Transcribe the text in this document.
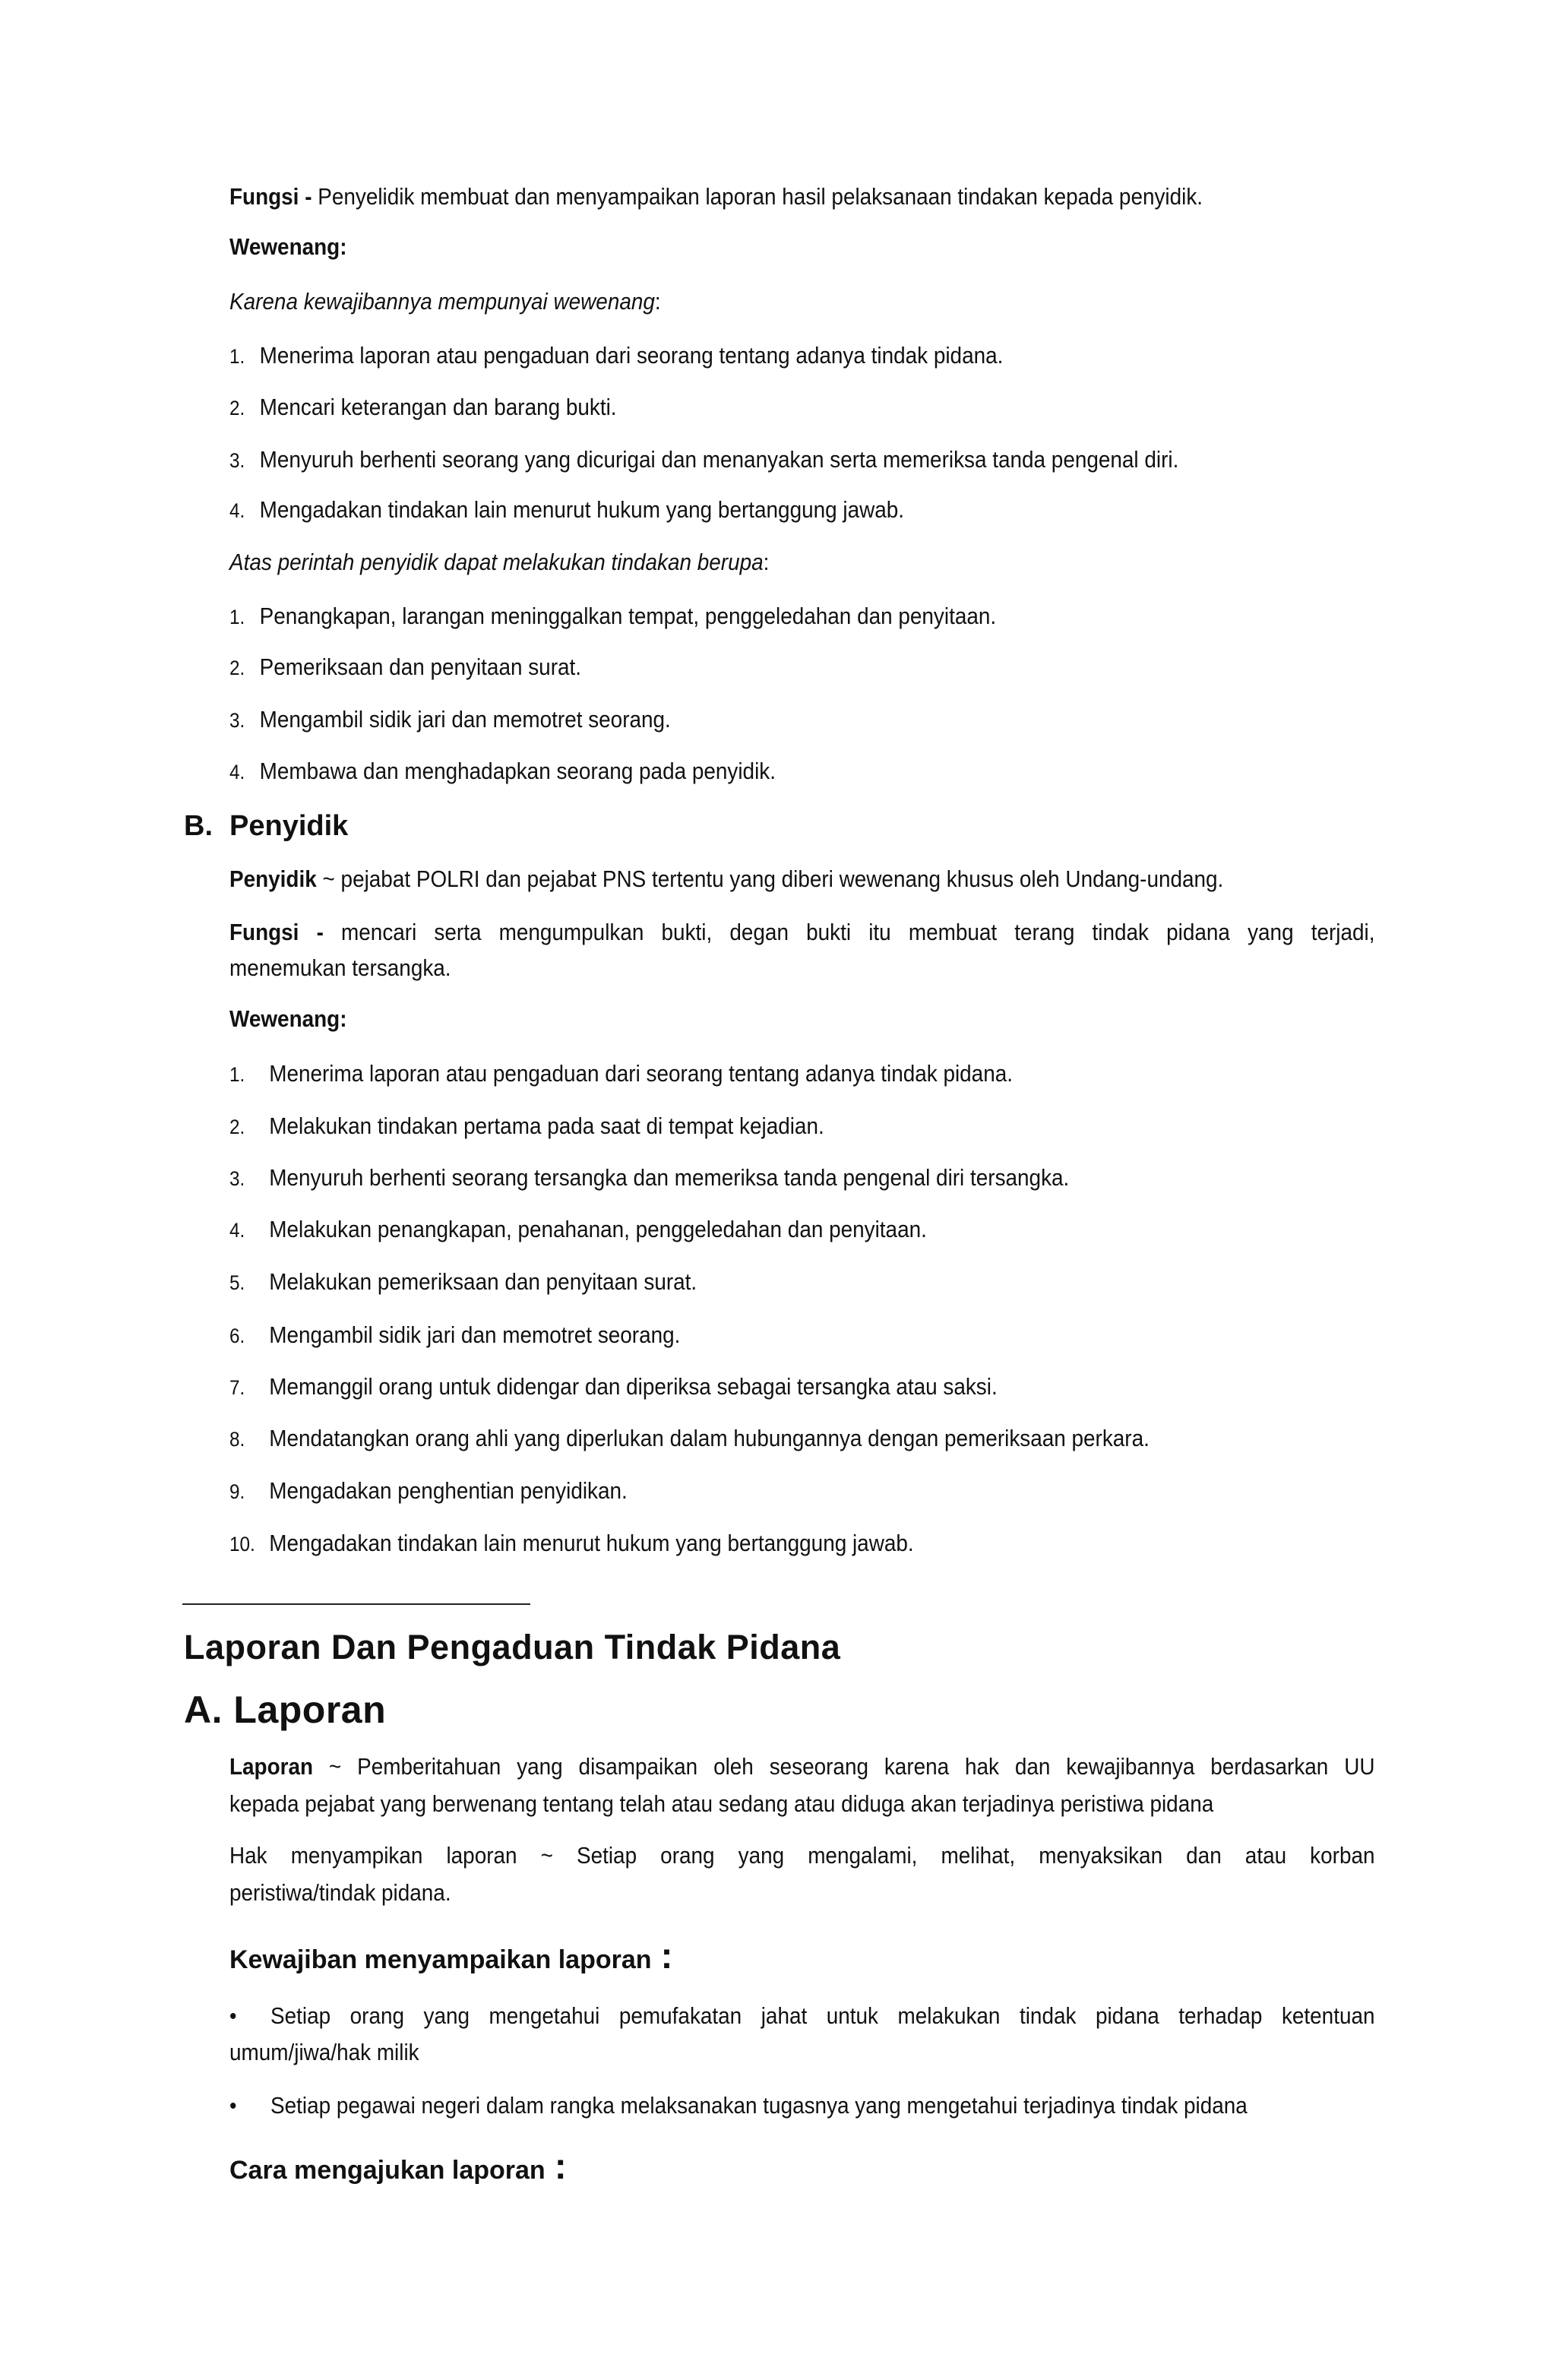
Fungsi - Penyelidik membuat dan menyampaikan laporan hasil pelaksanaan tindakan kepada penyidik.
Wewenang:
Karena kewajibannya mempunyai wewenang:
1. Menerima laporan atau pengaduan dari seorang tentang adanya tindak pidana.
2. Mencari keterangan dan barang bukti.
3. Menyuruh berhenti seorang yang dicurigai dan menanyakan serta memeriksa tanda pengenal diri.
4. Mengadakan tindakan lain menurut hukum yang bertanggung jawab.
Atas perintah penyidik dapat melakukan tindakan berupa:
1. Penangkapan, larangan meninggalkan tempat, penggeledahan dan penyitaan.
2. Pemeriksaan dan penyitaan surat.
3. Mengambil sidik jari dan memotret seorang.
4. Membawa dan menghadapkan seorang pada penyidik.
B. Penyidik
Penyidik ~ pejabat POLRI dan pejabat PNS tertentu yang diberi wewenang khusus oleh Undang-undang.
Fungsi - mencari serta mengumpulkan bukti, degan bukti itu membuat terang tindak pidana yang terjadi,
menemukan tersangka.
Wewenang:
1. Menerima laporan atau pengaduan dari seorang tentang adanya tindak pidana.
2. Melakukan tindakan pertama pada saat di tempat kejadian.
3. Menyuruh berhenti seorang tersangka dan memeriksa tanda pengenal diri tersangka.
4. Melakukan penangkapan, penahanan, penggeledahan dan penyitaan.
5. Melakukan pemeriksaan dan penyitaan surat.
6. Mengambil sidik jari dan memotret seorang.
7. Memanggil orang untuk didengar dan diperiksa sebagai tersangka atau saksi.
8. Mendatangkan orang ahli yang diperlukan dalam hubungannya dengan pemeriksaan perkara.
9. Mengadakan penghentian penyidikan.
10. Mengadakan tindakan lain menurut hukum yang bertanggung jawab.
Laporan Dan Pengaduan Tindak Pidana
A. Laporan
Laporan ~ Pemberitahuan yang disampaikan oleh seseorang karena hak dan kewajibannya berdasarkan UU
kepada pejabat yang berwenang tentang telah atau sedang atau diduga akan terjadinya peristiwa pidana
Hak menyampikan laporan ~ Setiap orang yang mengalami, melihat, menyaksikan dan atau korban
peristiwa/tindak pidana.
Kewajiban menyampaikan laporan :
• Setiap orang yang mengetahui pemufakatan jahat untuk melakukan tindak pidana terhadap ketentuan
umum/jiwa/hak milik
• Setiap pegawai negeri dalam rangka melaksanakan tugasnya yang mengetahui terjadinya tindak pidana
Cara mengajukan laporan :
